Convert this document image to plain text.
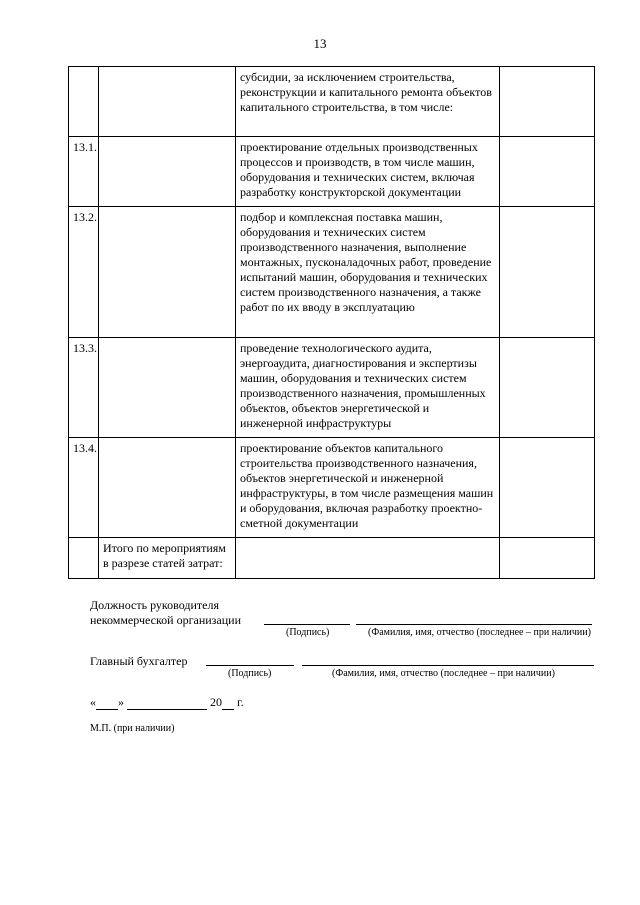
13
		субсидии, за исключением строительства, реконструкции и капитального ремонта объектов капитального строительства, в том числе:	
13.1.		проектирование отдельных производственных процессов и производств, в том числе машин, оборудования и технических систем, включая разработку конструкторской документации	
13.2.		подбор и комплексная поставка машин, оборудования и технических систем производственного назначения, выполнение монтажных, пусконаладочных работ, проведение испытаний машин, оборудования и технических систем производственного назначения, а также работ по их вводу в эксплуатацию	
13.3.		проведение технологического аудита, энергоаудита, диагностирования и экспертизы машин, оборудования и технических систем производственного назначения, промышленных объектов, объектов энергетической и инженерной инфраструктуры	
13.4.		проектирование объектов капитального строительства производственного назначения, объектов энергетической и инженерной инфраструктуры, в том числе размещения машин и оборудования, включая разработку проектно-сметной документации	
	Итого по мероприятиям в разрезе статей затрат:		
Должность руководителя
некоммерческой организации
(Подпись)	(Фамилия, имя, отчество (последнее – при наличии)
Главный бухгалтер
(Подпись)	(Фамилия, имя, отчество (последнее – при наличии)
« »	20 г.
М.П. (при наличии)
